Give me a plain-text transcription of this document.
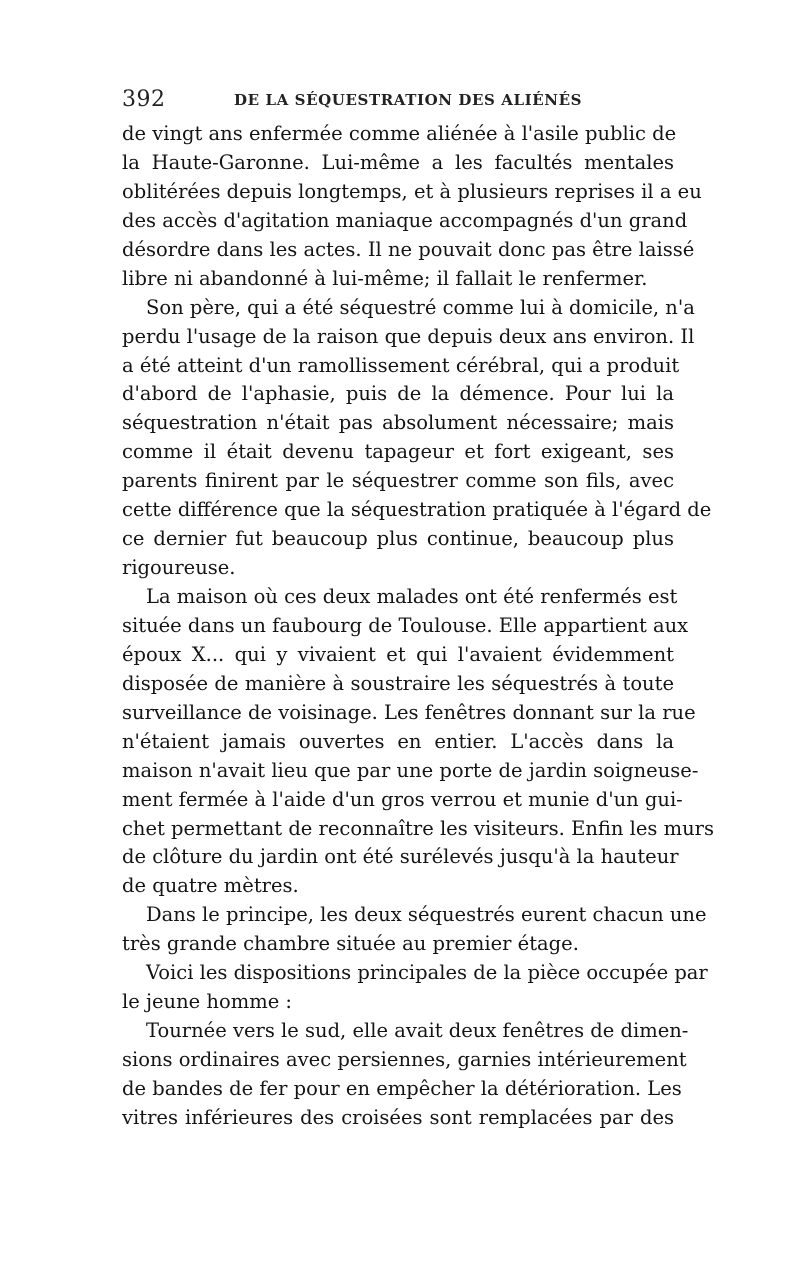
392	DE LA SÉQUESTRATION DES ALIÉNÉS
de vingt ans enfermée comme aliénée à l'asile public de
la Haute-Garonne. Lui-même a les facultés mentales
oblitérées depuis longtemps, et à plusieurs reprises il a eu
des accès d'agitation maniaque accompagnés d'un grand
désordre dans les actes. Il ne pouvait donc pas être laissé
libre ni abandonné à lui-même; il fallait le renfermer.
Son père, qui a été séquestré comme lui à domicile, n'a
perdu l'usage de la raison que depuis deux ans environ. Il
a été atteint d'un ramollissement cérébral, qui a produit
d'abord de l'aphasie, puis de la démence. Pour lui la
séquestration n'était pas absolument nécessaire; mais
comme il était devenu tapageur et fort exigeant, ses
parents finirent par le séquestrer comme son fils, avec
cette différence que la séquestration pratiquée à l'égard de
ce dernier fut beaucoup plus continue, beaucoup plus
rigoureuse.
La maison où ces deux malades ont été renfermés est
située dans un faubourg de Toulouse. Elle appartient aux
époux X... qui y vivaient et qui l'avaient évidemment
disposée de manière à soustraire les séquestrés à toute
surveillance de voisinage. Les fenêtres donnant sur la rue
n'étaient jamais ouvertes en entier. L'accès dans la
maison n'avait lieu que par une porte de jardin soigneuse-
ment fermée à l'aide d'un gros verrou et munie d'un gui-
chet permettant de reconnaître les visiteurs. Enfin les murs
de clôture du jardin ont été surélevés jusqu'à la hauteur
de quatre mètres.
Dans le principe, les deux séquestrés eurent chacun une
très grande chambre située au premier étage.
Voici les dispositions principales de la pièce occupée par
le jeune homme :
Tournée vers le sud, elle avait deux fenêtres de dimen-
sions ordinaires avec persiennes, garnies intérieurement
de bandes de fer pour en empêcher la détérioration. Les
vitres inférieures des croisées sont remplacées par des
